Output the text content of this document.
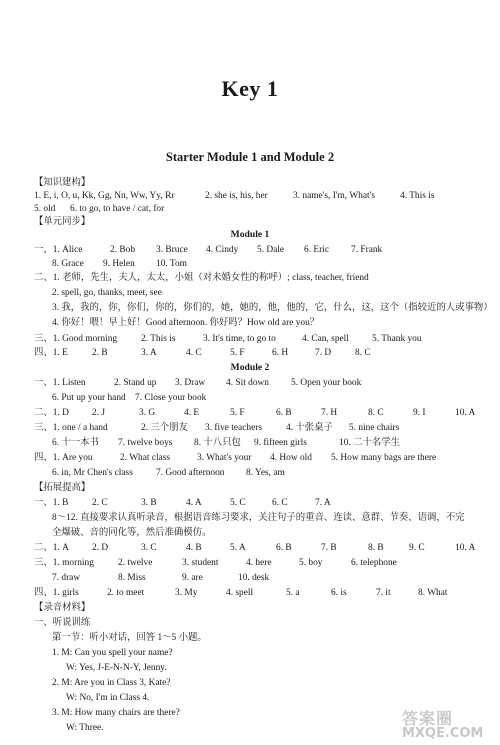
Key 1
Starter Module 1 and Module 2
【知识建构】
1. E, i, O, u, Kk, Gg, Nn, Ww, Yy, Rr	2. she is, his, her	3. name's, I'm, What's	4. This is
5. old 6. to go, to have / cat, for
【单元同步】
Module 1
一、1. Alice	2. Bob 3. Bruce 4. Cindy 5. Dale 6. Eric 7. Frank
8. Grace 9. Helen 10. Tom
二、1. 老师，先生，夫人，太太，小姐（对未婚女性的称呼）; class, teacher, friend
2. spell, go, thanks, meet, see
3. 我，我的，你，你们，你的，你们的，她，她的，他，他的，它，什么，这，这个（指较近的人或事物）
4. 你好！喂！早上好！Good afternoon. 你好吗？How old are you？
三、1. Good morning	2. This is	3. It's time, to go to	4. Can, spell 5. Thank you
四、1. E	2. B	3. A	4. C	5. F	6. H	7. D	8. C
Module 2
一、1. Listen	2. Stand up 3. Draw 4. Sit down 5. Open your book
6. Put up your hand 7. Close your book
二、1. D 2. J	3. G	4. E	5. F	6. B	7. H	8. C	9. I	10. A
三、1. one / a hand	2. 三个朋友 3. five teachers	4. 十张桌子 5. nine chairs
6. 十一本书 7. twelve boys 8. 十八只包 9. fifteen girls	10. 二十名学生
四、1. Are you	2. What class	3. What's your 4. How old 5. How many bags are there
6. in, Mr Chen's class 7. Good afternoon 8. Yes, am
【拓展提高】
一、1. B	2. C	3. B	4. A	5. C	6. C	7. A
8～12. 直接要求认真听录音，根据语音练习要求，关注句子的重音、连读、意群、节奏、语调，不完
全爆破、音的同化等，然后准确模仿。
二、1. A 2. D	3. C	4. B	5. A	6. B	7. B	8. B	9. C	10. A
三、1. morning	2. twelve	3. student	4. here	5. boy	6. telephone
7. draw	8. Miss	9. are	10. desk
四、1. girls	2. to meet	3. My	4. spell	5. a	6. is	7. it	8. What
【录音材料】
一、听说训练
第一节：听小对话，回答 1～5 小题。
1. M: Can you spell your name?
W: Yes, J-E-N-N-Y, Jenny.
2. M: Are you in Class 3, Kate?
W: No, I'm in Class 4.
3. M: How many chairs are there?
W: Three.	答案圈
MXQE.COM
